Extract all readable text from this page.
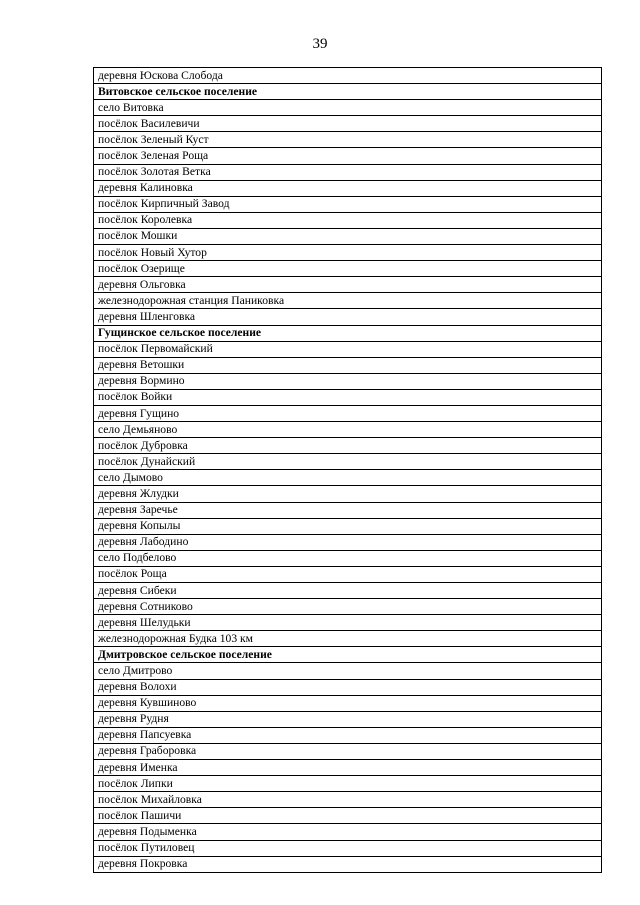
39
деревня Юскова Слобода
Витовское сельское поселение
село Витовка
посёлок Василевичи
посёлок Зеленый Куст
посёлок Зеленая Роща
посёлок Золотая Ветка
деревня Калиновка
посёлок Кирпичный Завод
посёлок Королевка
посёлок Мошки
посёлок Новый Хутор
посёлок Озерище
деревня Ольговка
железнодорожная станция Паниковка
деревня Шленговка
Гущинское сельское поселение
посёлок Первомайский
деревня Ветошки
деревня Вормино
посёлок Войки
деревня Гущино
село Демьяново
посёлок Дубровка
посёлок Дунайский
село Дымово
деревня Жлудки
деревня Заречье
деревня Копылы
деревня Лабодино
село Подбелово
посёлок Роща
деревня Сибеки
деревня Сотниково
деревня Шелудьки
железнодорожная Будка 103 км
Дмитровское сельское поселение
село Дмитрово
деревня Волохи
деревня Кувшиново
деревня Рудня
деревня Папсуевка
деревня Граборовка
деревня Именка
посёлок Липки
посёлок Михайловка
посёлок Пашичи
деревня Подыменка
посёлок Путиловец
деревня Покровка
